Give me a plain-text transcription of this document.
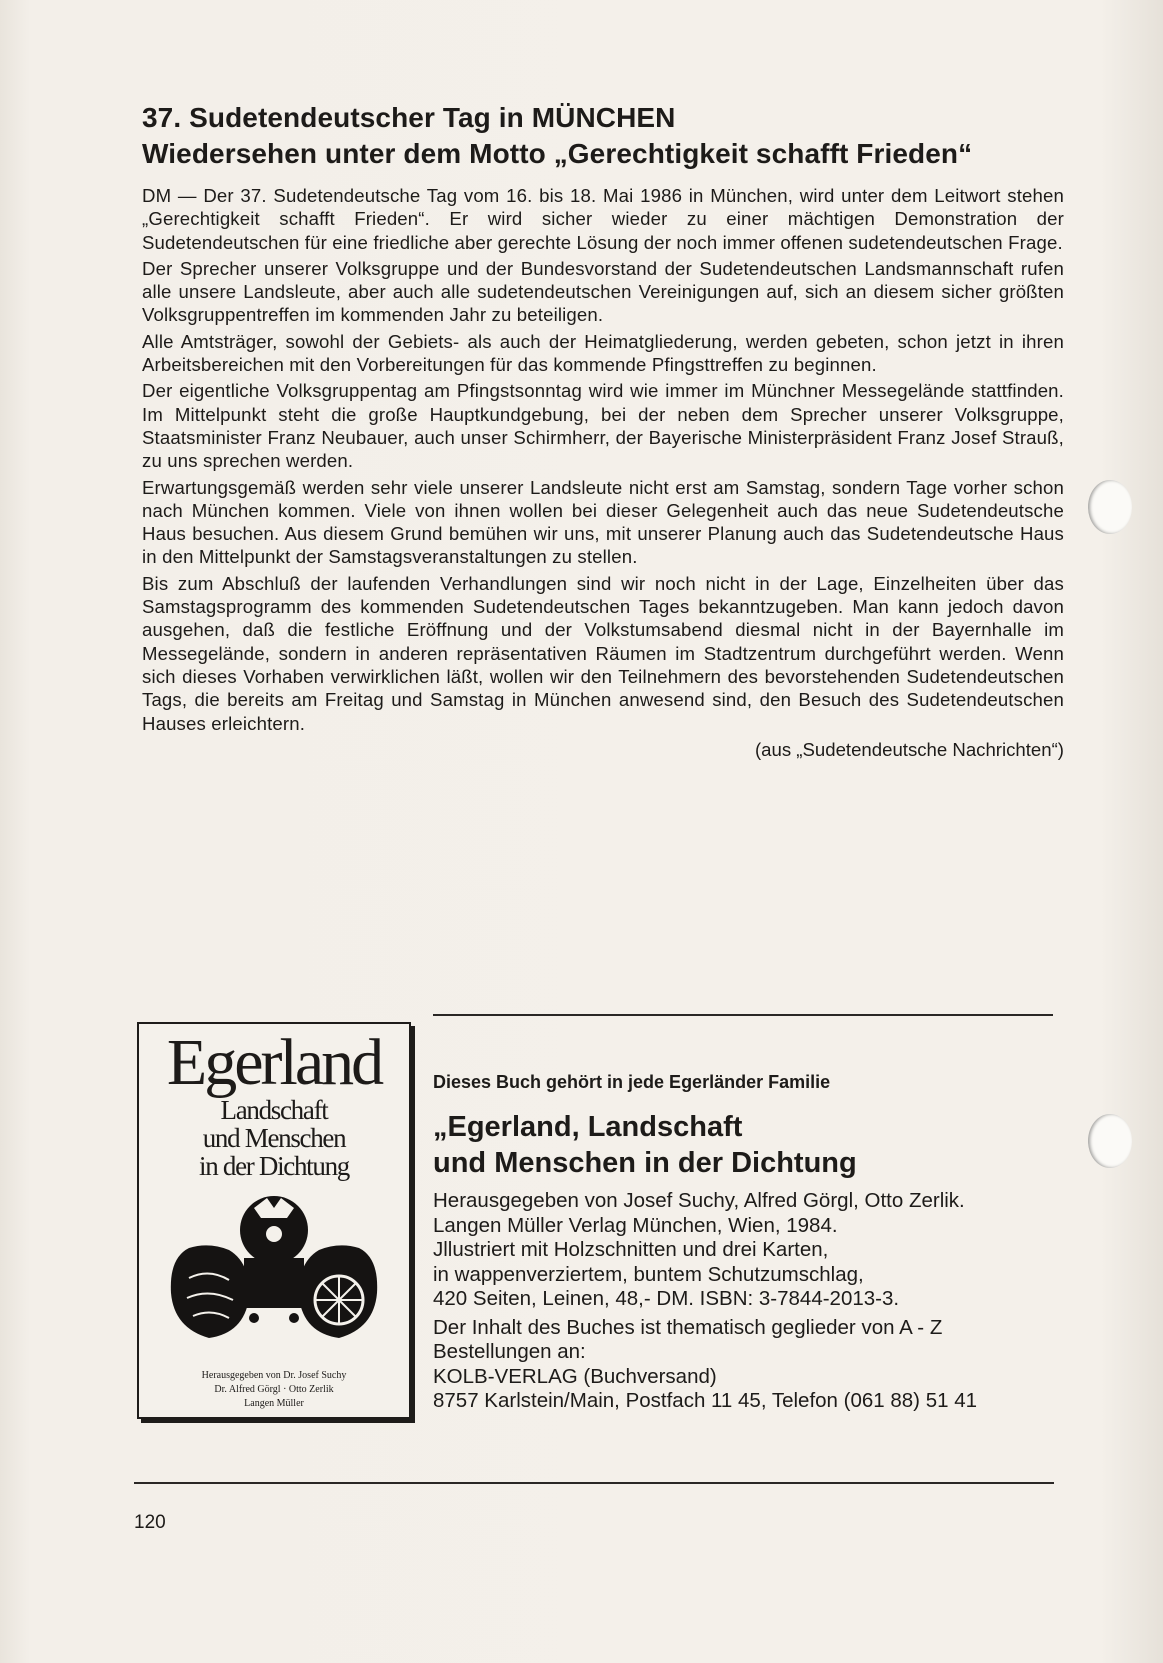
37. Sudetendeutscher Tag in MÜNCHEN
Wiedersehen unter dem Motto „Gerechtigkeit schafft Frieden“

DM — Der 37. Sudetendeutsche Tag vom 16. bis 18. Mai 1986 in München, wird unter dem Leitwort stehen „Gerechtigkeit schafft Frieden“. Er wird sicher wieder zu einer mächtigen Demonstration der Sudetendeutschen für eine friedliche aber gerechte Lösung der noch immer offenen sudetendeutschen Frage.

Der Sprecher unserer Volksgruppe und der Bundesvorstand der Sudetendeutschen Landsmannschaft rufen alle unsere Landsleute, aber auch alle sudetendeutschen Vereinigungen auf, sich an diesem sicher größten Volksgruppentreffen im kommenden Jahr zu beteiligen.

Alle Amtsträger, sowohl der Gebiets- als auch der Heimatgliederung, werden gebeten, schon jetzt in ihren Arbeitsbereichen mit den Vorbereitungen für das kommende Pfingsttreffen zu beginnen.

Der eigentliche Volksgruppentag am Pfingstsonntag wird wie immer im Münchner Messegelände stattfinden. Im Mittelpunkt steht die große Hauptkundgebung, bei der neben dem Sprecher unserer Volksgruppe, Staatsminister Franz Neubauer, auch unser Schirmherr, der Bayerische Ministerpräsident Franz Josef Strauß, zu uns sprechen werden.

Erwartungsgemäß werden sehr viele unserer Landsleute nicht erst am Samstag, sondern Tage vorher schon nach München kommen. Viele von ihnen wollen bei dieser Gelegenheit auch das neue Sudetendeutsche Haus besuchen. Aus diesem Grund bemühen wir uns, mit unserer Planung auch das Sudetendeutsche Haus in den Mittelpunkt der Samstagsveranstaltungen zu stellen.

Bis zum Abschluß der laufenden Verhandlungen sind wir noch nicht in der Lage, Einzelheiten über das Samstagsprogramm des kommenden Sudetendeutschen Tages bekanntzugeben. Man kann jedoch davon ausgehen, daß die festliche Eröffnung und der Volkstumsabend diesmal nicht in der Bayernhalle im Messegelände, sondern in anderen repräsentativen Räumen im Stadtzentrum durchgeführt werden. Wenn sich dieses Vorhaben verwirklichen läßt, wollen wir den Teilnehmern des bevorstehenden Sudetendeutschen Tags, die bereits am Freitag und Samstag in München anwesend sind, den Besuch des Sudetendeutschen Hauses erleichtern.

(aus „Sudetendeutsche Nachrichten“)
Egerland
Landschaft
und Menschen
in der Dichtung
Herausgegeben von Dr. Josef Suchy
Dr. Alfred Görgl · Otto Zerlik
Langen Müller
Dieses Buch gehört in jede Egerländer Familie
„Egerland, Landschaft
und Menschen in der Dichtung
Herausgegeben von Josef Suchy, Alfred Görgl, Otto Zerlik.
Langen Müller Verlag München, Wien, 1984.
Jllustriert mit Holzschnitten und drei Karten,
in wappenverziertem, buntem Schutzumschlag,
420 Seiten, Leinen, 48,- DM. ISBN: 3-7844-2013-3.
Der Inhalt des Buches ist thematisch geglieder von A - Z
Bestellungen an:
KOLB-VERLAG (Buchversand)
8757 Karlstein/Main, Postfach 11 45, Telefon (061 88) 51 41
120
